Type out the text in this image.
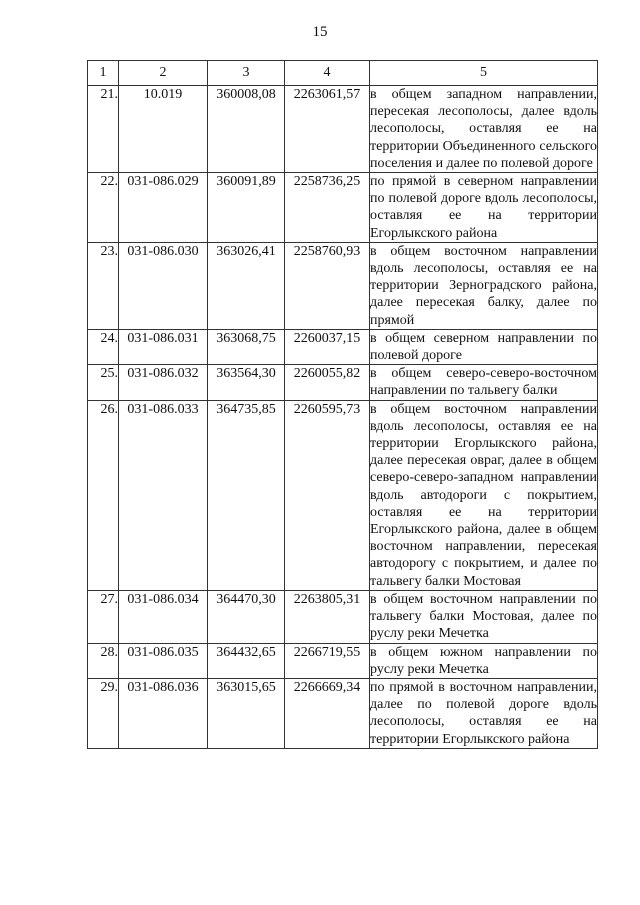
15
1	2	3	4	5
21.	10.019	360008,08	2263061,57	в общем западном направлении, пересекая лесополосы, далее вдоль лесополосы, оставляя ее на территории Объединенного сельского поселения и далее по полевой дороге
22.	031-086.029	360091,89	2258736,25	по прямой в северном направлении по полевой дороге вдоль лесополосы, оставляя ее на территории Егорлыкского района
23.	031-086.030	363026,41	2258760,93	в общем восточном направлении вдоль лесополосы, оставляя ее на территории Зерноградского района, далее пересекая балку, далее по прямой
24.	031-086.031	363068,75	2260037,15	в общем северном направлении по полевой дороге
25.	031-086.032	363564,30	2260055,82	в общем северо-северо-восточном направлении по тальвегу балки
26.	031-086.033	364735,85	2260595,73	в общем восточном направлении вдоль лесополосы, оставляя ее на территории Егорлыкского района, далее пересекая овраг, далее в общем северо-северо-западном направлении вдоль автодороги с покрытием, оставляя ее на территории Егорлыкского района, далее в общем восточном направлении, пересекая автодорогу с покрытием, и далее по тальвегу балки Мостовая
27.	031-086.034	364470,30	2263805,31	в общем восточном направлении по тальвегу балки Мостовая, далее по руслу реки Мечетка
28.	031-086.035	364432,65	2266719,55	в общем южном направлении по руслу реки Мечетка
29.	031-086.036	363015,65	2266669,34	по прямой в восточном направлении, далее по полевой дороге вдоль лесополосы, оставляя ее на территории Егорлыкского района
